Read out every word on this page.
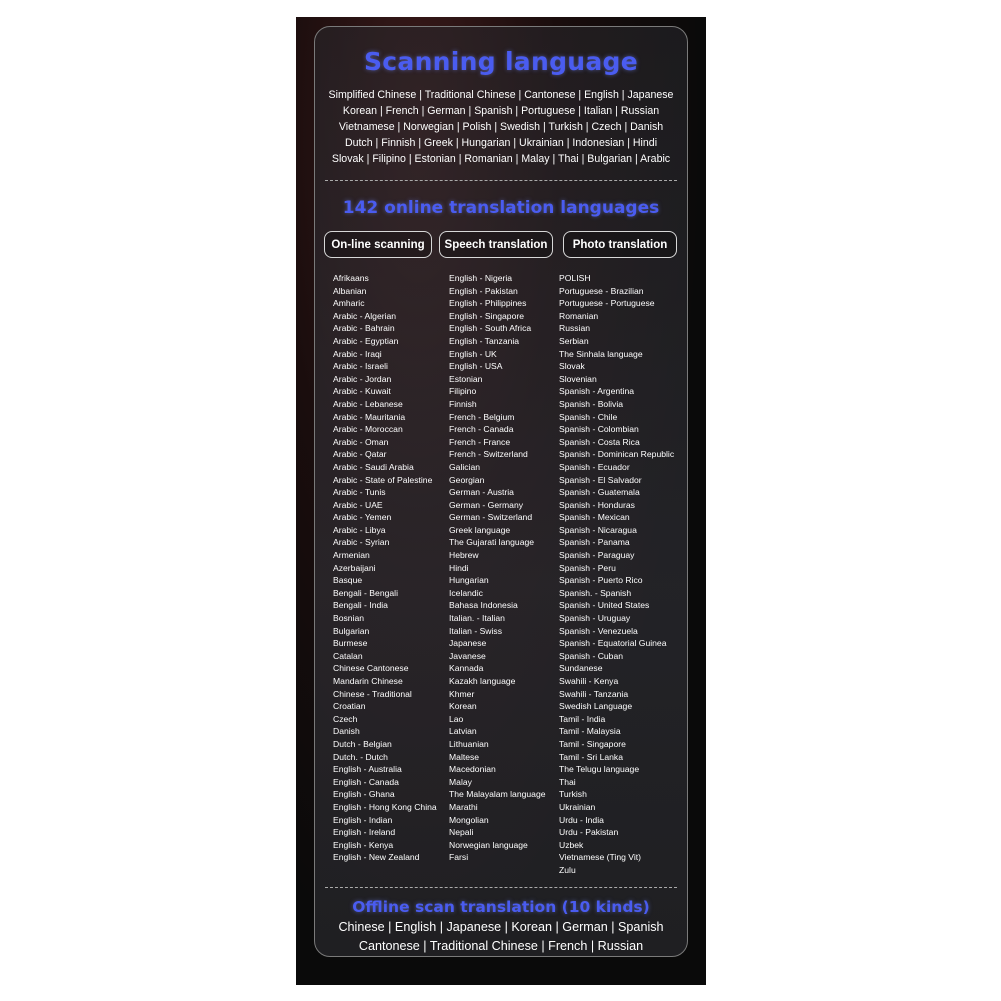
Scanning language
Simplified Chinese | Traditional Chinese | Cantonese | English | Japanese
Korean | French | German | Spanish | Portuguese | Italian | Russian
Vietnamese | Norwegian | Polish | Swedish | Turkish | Czech | Danish
Dutch | Finnish | Greek | Hungarian | Ukrainian | Indonesian | Hindi
Slovak | Filipino | Estonian | Romanian | Malay | Thai | Bulgarian | Arabic
142 online translation languages
On-line scanning	Speech translation	Photo translation
Afrikaans
Albanian
Amharic
Arabic - Algerian
Arabic - Bahrain
Arabic - Egyptian
Arabic - Iraqi
Arabic - Israeli
Arabic - Jordan
Arabic - Kuwait
Arabic - Lebanese
Arabic - Mauritania
Arabic - Moroccan
Arabic - Oman
Arabic - Qatar
Arabic - Saudi Arabia
Arabic - State of Palestine
Arabic - Tunis
Arabic - UAE
Arabic - Yemen
Arabic - Libya
Arabic - Syrian
Armenian
Azerbaijani
Basque
Bengali - Bengali
Bengali - India
Bosnian
Bulgarian
Burmese
Catalan
Chinese Cantonese
Mandarin Chinese
Chinese - Traditional
Croatian
Czech
Danish
Dutch - Belgian
Dutch. - Dutch
English - Australia
English - Canada
English - Ghana
English - Hong Kong China
English - Indian
English - Ireland
English - Kenya
English - New Zealand
English - Nigeria
English - Pakistan
English - Philippines
English - Singapore
English - South Africa
English - Tanzania
English - UK
English - USA
Estonian
Filipino
Finnish
French - Belgium
French - Canada
French - France
French - Switzerland
Galician
Georgian
German - Austria
German - Germany
German - Switzerland
Greek language
The Gujarati language
Hebrew
Hindi
Hungarian
Icelandic
Bahasa Indonesia
Italian. - Italian
Italian - Swiss
Japanese
Javanese
Kannada
Kazakh language
Khmer
Korean
Lao
Latvian
Lithuanian
Maltese
Macedonian
Malay
The Malayalam language
Marathi
Mongolian
Nepali
Norwegian language
Farsi
POLISH
Portuguese - Brazilian
Portuguese - Portuguese
Romanian
Russian
Serbian
The Sinhala language
Slovak
Slovenian
Spanish - Argentina
Spanish - Bolivia
Spanish - Chile
Spanish - Colombian
Spanish - Costa Rica
Spanish - Dominican Republic
Spanish - Ecuador
Spanish - El Salvador
Spanish - Guatemala
Spanish - Honduras
Spanish - Mexican
Spanish - Nicaragua
Spanish - Panama
Spanish - Paraguay
Spanish - Peru
Spanish - Puerto Rico
Spanish. - Spanish
Spanish - United States
Spanish - Uruguay
Spanish - Venezuela
Spanish - Equatorial Guinea
Spanish - Cuban
Sundanese
Swahili - Kenya
Swahili - Tanzania
Swedish Language
Tamil - India
Tamil - Malaysia
Tamil - Singapore
Tamil - Sri Lanka
The Telugu language
Thai
Turkish
Ukrainian
Urdu - India
Urdu - Pakistan
Uzbek
Vietnamese (Ting Vit)
Zulu
Offline scan translation (10 kinds)
Chinese | English | Japanese | Korean | German | Spanish
Cantonese | Traditional Chinese | French | Russian
